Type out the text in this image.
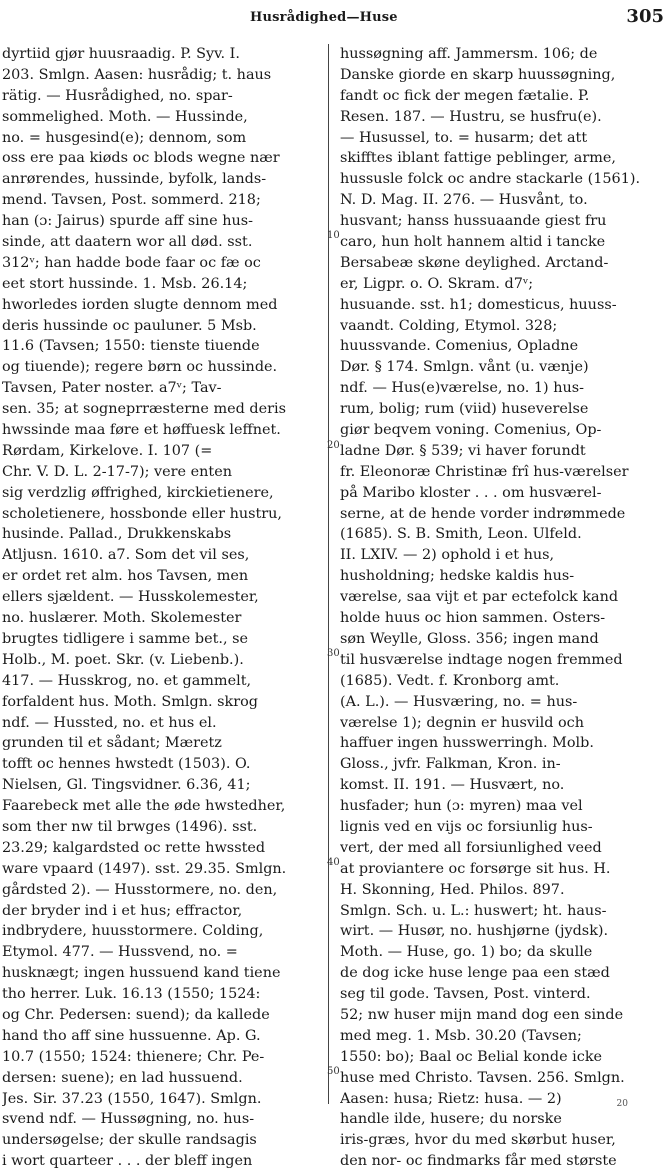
Husrådighed—Huse	305
dyrtiid gjør huusraadig. P. Syv. I.
203. Smlgn. Aasen: husrådig; t. haus
rätig. — Husrådighed, no. spar-
sommelighed. Moth. — Hussinde,
no. = husgesind(e); dennom, som
oss ere paa kiøds oc blods wegne nær
anrørendes, hussinde, byfolk, lands-
mend. Tavsen, Post. sommerd. 218;
han (ɔ: Jairus) spurde aff sine hus-
sinde, att daatern wor all død. sst.
312ᵛ; han hadde bode faar oc fæ oc
eet stort hussinde. 1. Msb. 26.14;
hworledes iorden slugte dennom med
deris hussinde oc pauluner. 5 Msb.
11.6 (Tavsen; 1550: tienste tiuende
og tiuende); regere børn oc hussinde.
Tavsen, Pater noster. a7ᵛ; Tav-
sen. 35; at sogneprræsterne med deris
hwssinde maa føre et høffuesk leffnet.
Rørdam, Kirkelove. I. 107 (=
Chr. V. D. L. 2-17-7); vere enten
sig verdzlig øffrighed, kirckietienere,
scholetienere, hossbonde eller hustru,
husinde. Pallad., Drukkenskabs
Atljusn. 1610. a7. Som det vil ses,
er ordet ret alm. hos Tavsen, men
ellers sjældent. — Husskolemester,
no. huslærer. Moth. Skolemester
brugtes tidligere i samme bet., se
Holb., M. poet. Skr. (v. Liebenb.).
417. — Husskrog, no. et gammelt,
forfaldent hus. Moth. Smlgn. skrog
ndf. — Hussted, no. et hus el.
grunden til et sådant; Mæretz
tofft oc hennes hwstedt (1503). O.
Nielsen, Gl. Tingsvidner. 6.36, 41;
Faarebeck met alle the øde hwstedher,
som ther nw til brwges (1496). sst.
23.29; kalgardsted oc rette hwssted
ware vpaard (1497). sst. 29.35. Smlgn.
gårdsted 2). — Husstormere, no. den,
der bryder ind i et hus; effractor,
indbrydere, huusstormere. Colding,
Etymol. 477. — Hussvend, no. =
husknægt; ingen hussuend kand tiene
tho herrer. Luk. 16.13 (1550; 1524:
og Chr. Pedersen: suend); da kallede
hand tho aff sine hussuenne. Ap. G.
10.7 (1550; 1524: thienere; Chr. Pe-
dersen: suene); en lad hussuend.
Jes. Sir. 37.23 (1550, 1647). Smlgn.
svend ndf. — Hussøgning, no. hus-
undersøgelse; der skulle randsagis
i wort quarteer . . . der bleff ingen
hussøgning aff. Jammersm. 106; de
Danske giorde en skarp huussøgning,
fandt oc fick der megen fætalie. P.
Resen. 187. — Hustru, se husfru(e).
— Husussel, to. = husarm; det att
skifftes iblant fattige peblinger, arme,
hussusle folck oc andre stackarle (1561).
N. D. Mag. II. 276. — Husvånt, to.
husvant; hanss hussuaande giest fru
caro, hun holt hannem altid i tancke
Bersabeæ skøne deylighed. Arctand-
er, Ligpr. o. O. Skram. d7ᵛ;
husuande. sst. h1; domesticus, huuss-
vaandt. Colding, Etymol. 328;
huussvande. Comenius, Opladne
Dør. § 174. Smlgn. vånt (u. vænje)
ndf. — Hus(e)værelse, no. 1) hus-
rum, bolig; rum (viid) huseverelse
giør beqvem voning. Comenius, Op-
ladne Dør. § 539; vi haver forundt
fr. Eleonoræ Christinæ frî hus-værelser
på Maribo kloster . . . om husværel-
serne, at de hende vorder indrømmede
(1685). S. B. Smith, Leon. Ulfeld.
II. LXIV. — 2) ophold i et hus,
husholdning; hedske kaldis hus-
værelse, saa vijt et par ectefolck kand
holde huus oc hion sammen. Osters-
søn Weylle, Gloss. 356; ingen mand
til husværelse indtage nogen fremmed
(1685). Vedt. f. Kronborg amt.
(A. L.). — Husværing, no. = hus-
værelse 1); degnin er husvild och
haffuer ingen husswerringh. Molb.
Gloss., jvfr. Falkman, Kron. in-
komst. II. 191. — Husvært, no.
husfader; hun (ɔ: myren) maa vel
lignis ved en vijs oc forsiunlig hus-
vert, der med all forsiunlighed veed
at proviantere oc forsørge sit hus. H.
H. Skonning, Hed. Philos. 897.
Smlgn. Sch. u. L.: huswert; ht. haus-
wirt. — Husør, no. hushjørne (jydsk).
Moth. — Huse, go. 1) bo; da skulle
de dog icke huse lenge paa een stæd
seg til gode. Tavsen, Post. vinterd.
52; nw huser mijn mand dog een sinde
med meg. 1. Msb. 30.20 (Tavsen;
1550: bo); Baal oc Belial konde icke
huse med Christo. Tavsen. 256. Smlgn.
Aasen: husa; Rietz: husa. — 2)
handle ilde, husere; du norske
iris-græs, hvor du med skørbut huser,
den nor- oc findmarks får med største
10
20
30
40
50
20
